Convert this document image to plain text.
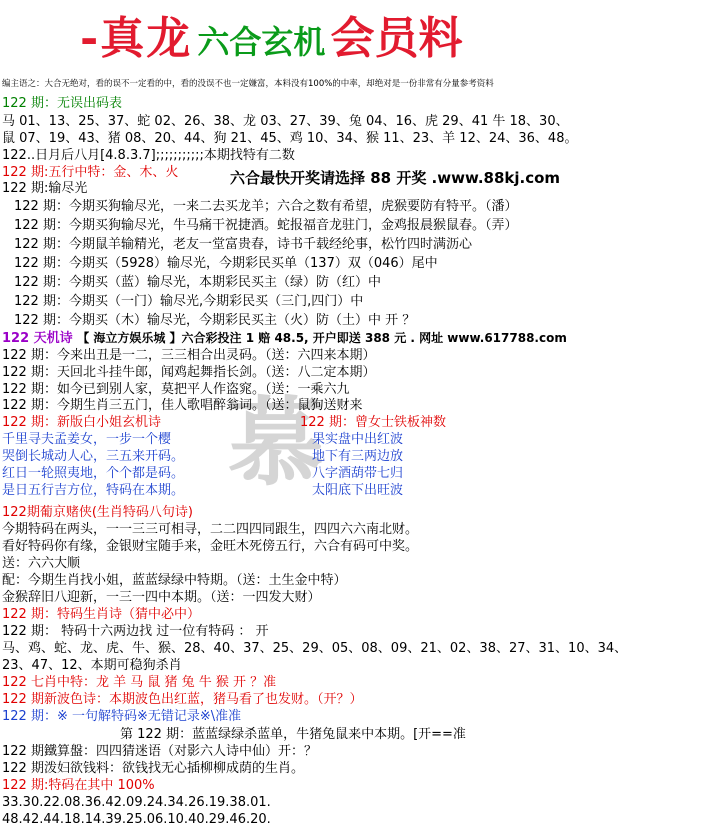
-真龙 六合玄机 会员料
编主语之：大合无绝对，看的误不一定看的中，看的没误不也一定嫌富，本料没有100%的中率，却绝对是一份非常有分量参考资料
慕
122 期：无误出码表
马 01、13、25、37、蛇 02、26、38、龙 03、27、39、兔 04、16、虎 29、41 牛 18、30、
鼠 07、19、43、猪 08、20、44、狗 21、45、鸡 10、34、猴 11、23、羊 12、24、36、48。
122..日月后八月[4.8.3.7];;;;;;;;;;;本期找特有二数
122 期:五行中特：金、木、火
122 期:输尽光
122 期：今期买狗输尽光，一来二去买龙羊；六合之数有希望，虎猴要防有特平。（潘）
122 期：今期买狗输尽光，牛马痛干祝捷酒。蛇报福音龙驻门，金鸡报晨猴鼠春。（弄）
122 期：今期鼠羊输精光，老友一堂富贵春，诗书千载经纶事，松竹四时满沥心
122 期：今期买（5928）输尽光，今期彩民买单（137）双（046）尾中
122 期：今期买（蓝）输尽光，本期彩民买主（绿）防（红）中
122 期：今期买（一门）输尽光,今期彩民买（三门,四门）中
122 期：今期买（木）输尽光，今期彩民买主（火）防（土）中 开 ？
122 期：今来出丑是一二，三三相合出灵码。（送：六四来本期）
122 期：天回北斗挂牛郎，闻鸡起舞指长剑。（送：八二定本期）
122 期：如今已到别人家，莫把平人作盗窕。（送：一乘六九
122 期：今期生肖三五门，佳人歌唱醉翁词。（送：鼠狗送财来
六合最快开奖请选择 88 开奖 .www.88kj.com
122 天机诗 【 海立方娱乐城 】六合彩投注 1 赔 48.5, 开户即送 388 元 . 网址 www.617788.com
122 期：新版白小姐玄机诗	122 期：曾女士铁板神数
千里寻夫孟姜女，一步一个樱
哭倒长城动人心，三五来开码。
红日一轮照夷地，个个都是码。
是日五行吉方位，特码在本期。
果实盘中出红波
地下有三两边放
八字酒葫带七归
太阳底下出旺波
122期葡京赌侠(生肖特码八句诗)
今期特码在两头，一一三三可相寻，二二四四同跟生，四四六六南北财。
看好特码你有缘，金银财宝随手来，金旺木死傍五行，六合有码可中奖。
送：六六大顺
配：今期生肖找小姐，蓝蓝绿绿中特期。（送：土生金中特）
金猴辞旧八迎新，一三一四中本期。（送：一四发大财）
122 期：特码生肖诗（猜中必中）
122 期： 特码十六两边找 过一位有特码 ： 开
马、鸡、蛇、龙、虎、牛、猴、28、40、37、25、29、05、08、09、21、02、38、27、31、10、34、
23、47、12、本期可稳狗杀肖
122 七肖中特：龙 羊 马 鼠 猪 兔 牛 猴 开 ？准
122 期新波色诗：本期波色出红蓝，猪马看了也发财。（开？）
122 期：※ 一句解特码※无错记录※\准准
第 122 期：蓝蓝绿绿杀蓝单，牛猪兔鼠来中本期。[开==准
122 期鐵算盤：四四猜迷语（对影六人诗中仙）开：？
122 期泼妇欲钱料：欲钱找无心插柳柳成荫的生肖。
122 期:特码在其中 100%
33.30.22.08.36.42.09.24.34.26.19.38.01.
48.42.44.18.14.39.25.06.10.40.29.46.20.
